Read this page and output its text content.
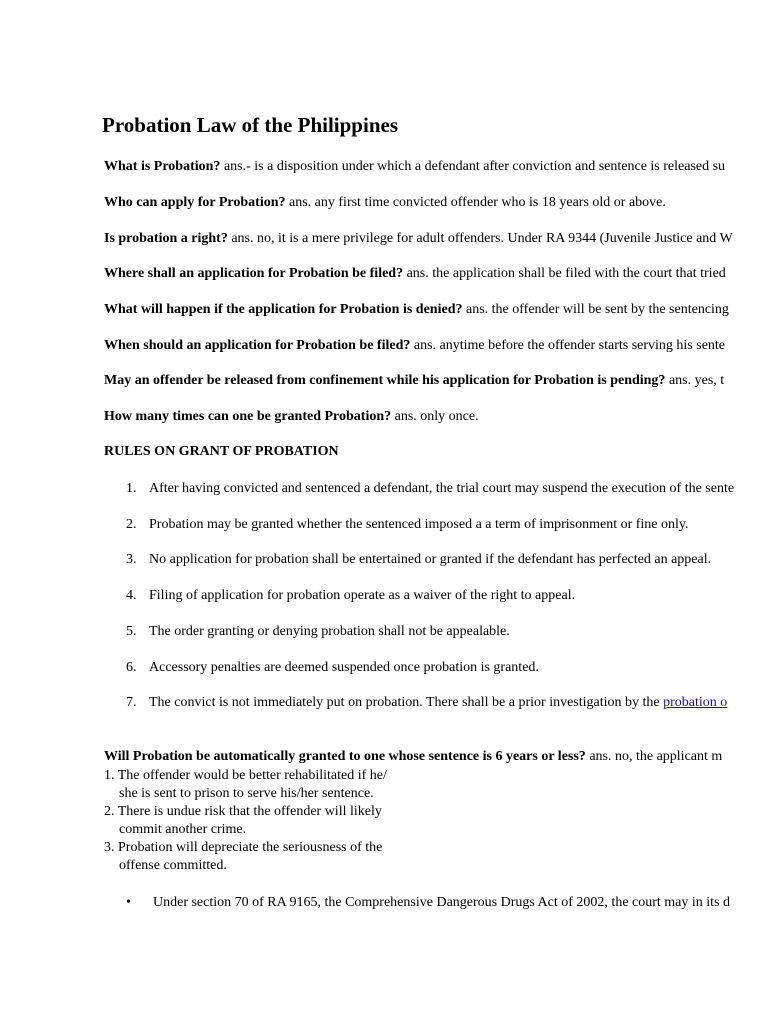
Probation Law of the Philippines
What is Probation? ans.- is a disposition under which a defendant after conviction and sentence is released su
Who can apply for Probation? ans. any first time convicted offender who is 18 years old or above.
Is probation a right? ans. no, it is a mere privilege for adult offenders. Under RA 9344 (Juvenile Justice and W
Where shall an application for Probation be filed? ans. the application shall be filed with the court that tried
What will happen if the application for Probation is denied? ans. the offender will be sent by the sentencing
When should an application for Probation be filed? ans. anytime before the offender starts serving his sente
May an offender be released from confinement while his application for Probation is pending? ans. yes, t
How many times can one be granted Probation? ans. only once.
RULES ON GRANT OF PROBATION
1. After having convicted and sentenced a defendant, the trial court may suspend the execution of the sente
2. Probation may be granted whether the sentenced imposed a a term of imprisonment or fine only.
3. No application for probation shall be entertained or granted if the defendant has perfected an appeal.
4. Filing of application for probation operate as a waiver of the right to appeal.
5. The order granting or denying probation shall not be appealable.
6. Accessory penalties are deemed suspended once probation is granted.
7. The convict is not immediately put on probation. There shall be a prior investigation by the probation o
Will Probation be automatically granted to one whose sentence is 6 years or less? ans. no, the applicant m
1. The offender would be better rehabilitated if he/
she is sent to prison to serve his/her sentence.
2. There is undue risk that the offender will likely
commit another crime.
3. Probation will depreciate the seriousness of the
offense committed.
• Under section 70 of RA 9165, the Comprehensive Dangerous Drugs Act of 2002, the court may in its d
